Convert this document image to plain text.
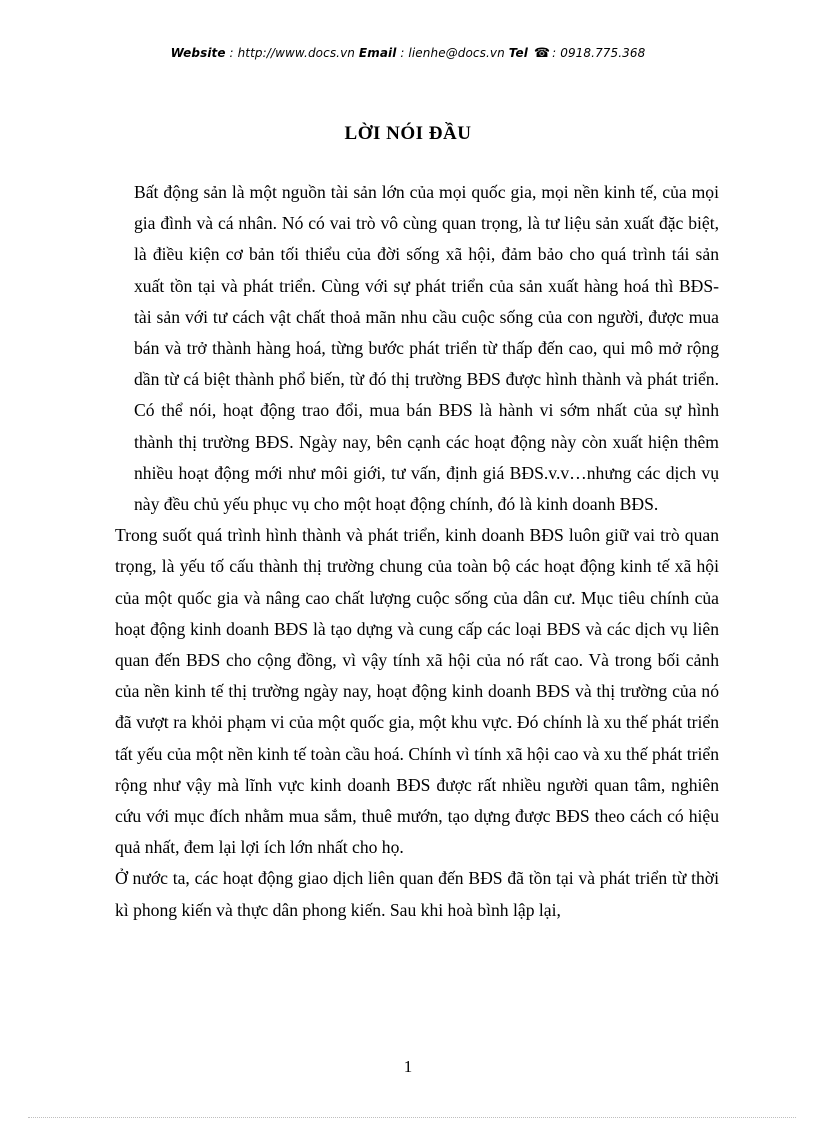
Website : http://www.docs.vn Email : lienhe@docs.vn Tel ☎ : 0918.775.368
LỜI NÓI ĐẦU

Bất động sản là một nguồn tài sản lớn của mọi quốc gia, mọi nền kinh tế, của mọi gia đình và cá nhân. Nó có vai trò vô cùng quan trọng, là tư liệu sản xuất đặc biệt, là điều kiện cơ bản tối thiểu của đời sống xã hội, đảm bảo cho quá trình tái sản xuất tồn tại và phát triển. Cùng với sự phát triển của sản xuất hàng hoá thì BĐS- tài sản với tư cách vật chất thoả mãn nhu cầu cuộc sống của con người, được mua bán và trở thành hàng hoá, từng bước phát triển từ thấp đến cao, qui mô mở rộng dần từ cá biệt thành phổ biến, từ đó thị trường BĐS được hình thành và phát triển. Có thể nói, hoạt động trao đổi, mua bán BĐS là hành vi sớm nhất của sự hình thành thị trường BĐS. Ngày nay, bên cạnh các hoạt động này còn xuất hiện thêm nhiều hoạt động mới như môi giới, tư vấn, định giá BĐS.v.v…nhưng các dịch vụ này đều chủ yếu phục vụ cho một hoạt động chính, đó là kinh doanh BĐS.

Trong suốt quá trình hình thành và phát triển, kinh doanh BĐS luôn giữ vai trò quan trọng, là yếu tố cấu thành thị trường chung của toàn bộ các hoạt động kinh tế xã hội của một quốc gia và nâng cao chất lượng cuộc sống của dân cư. Mục tiêu chính của hoạt động kinh doanh BĐS là tạo dựng và cung cấp các loại BĐS và các dịch vụ liên quan đến BĐS cho cộng đồng, vì vậy tính xã hội của nó rất cao. Và trong bối cảnh của nền kinh tế thị trường ngày nay, hoạt động kinh doanh BĐS và thị trường của nó đã vượt ra khỏi phạm vi của một quốc gia, một khu vực. Đó chính là xu thế phát triển tất yếu của một nền kinh tế toàn cầu hoá. Chính vì tính xã hội cao và xu thế phát triển rộng như vậy mà lĩnh vực kinh doanh BĐS được rất nhiều người quan tâm, nghiên cứu với mục đích nhằm mua sắm, thuê mướn, tạo dựng được BĐS theo cách có hiệu quả nhất, đem lại lợi ích lớn nhất cho họ.

Ở nước ta, các hoạt động giao dịch liên quan đến BĐS đã tồn tại và phát triển từ thời kì phong kiến và thực dân phong kiến. Sau khi hoà bình lập lại,

1
